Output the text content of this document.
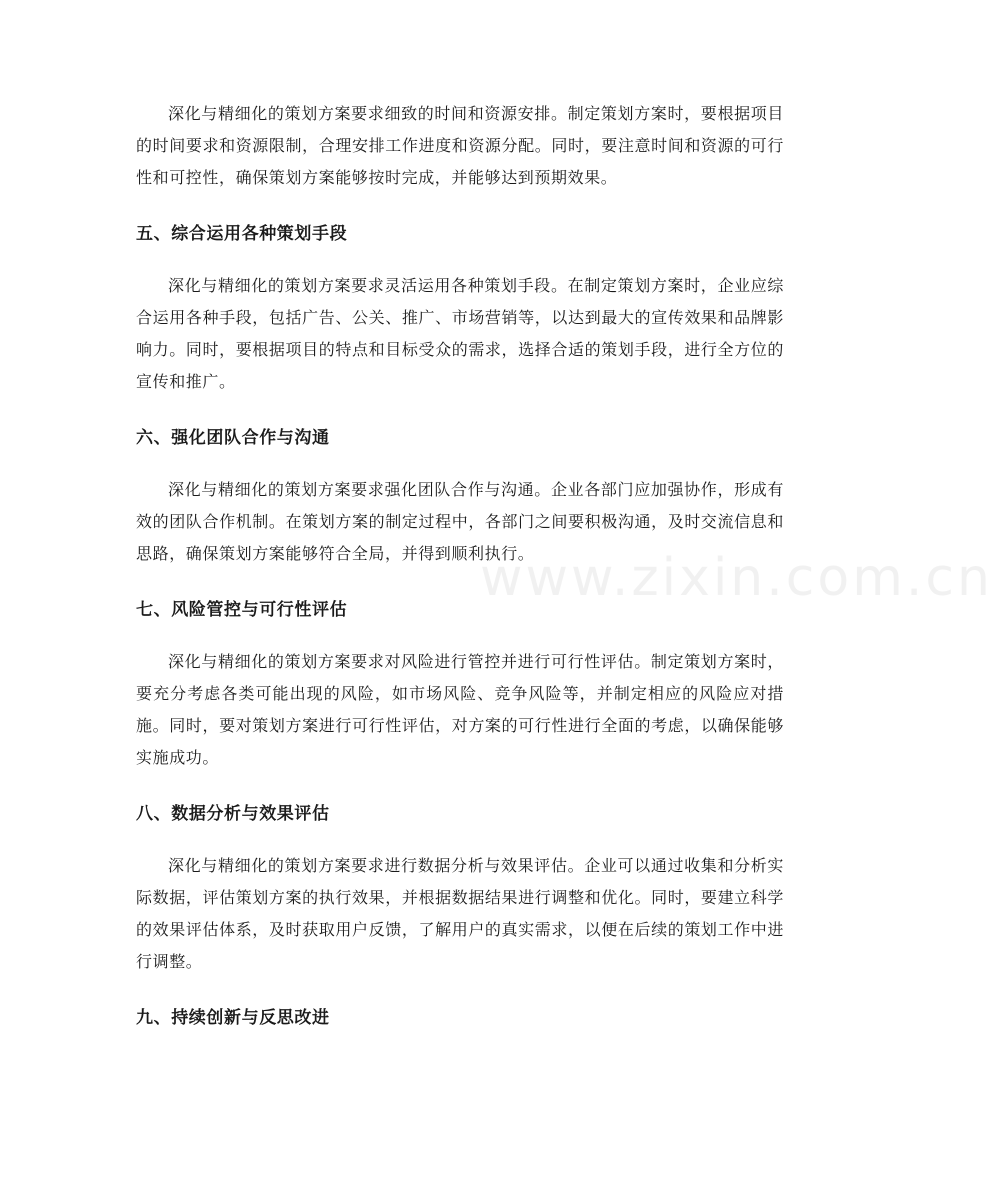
深化与精细化的策划方案要求细致的时间和资源安排。制定策划方案时，要根据项目的时间要求和资源限制，合理安排工作进度和资源分配。同时，要注意时间和资源的可行性和可控性，确保策划方案能够按时完成，并能够达到预期效果。

五、综合运用各种策划手段

深化与精细化的策划方案要求灵活运用各种策划手段。在制定策划方案时，企业应综合运用各种手段，包括广告、公关、推广、市场营销等，以达到最大的宣传效果和品牌影响力。同时，要根据项目的特点和目标受众的需求，选择合适的策划手段，进行全方位的宣传和推广。

六、强化团队合作与沟通

深化与精细化的策划方案要求强化团队合作与沟通。企业各部门应加强协作，形成有效的团队合作机制。在策划方案的制定过程中，各部门之间要积极沟通，及时交流信息和思路，确保策划方案能够符合全局，并得到顺利执行。

七、风险管控与可行性评估

深化与精细化的策划方案要求对风险进行管控并进行可行性评估。制定策划方案时，要充分考虑各类可能出现的风险，如市场风险、竞争风险等，并制定相应的风险应对措施。同时，要对策划方案进行可行性评估，对方案的可行性进行全面的考虑，以确保能够实施成功。

八、数据分析与效果评估

深化与精细化的策划方案要求进行数据分析与效果评估。企业可以通过收集和分析实际数据，评估策划方案的执行效果，并根据数据结果进行调整和优化。同时，要建立科学的效果评估体系，及时获取用户反馈，了解用户的真实需求，以便在后续的策划工作中进行调整。

九、持续创新与反思改进
www.zixin.com.cn
